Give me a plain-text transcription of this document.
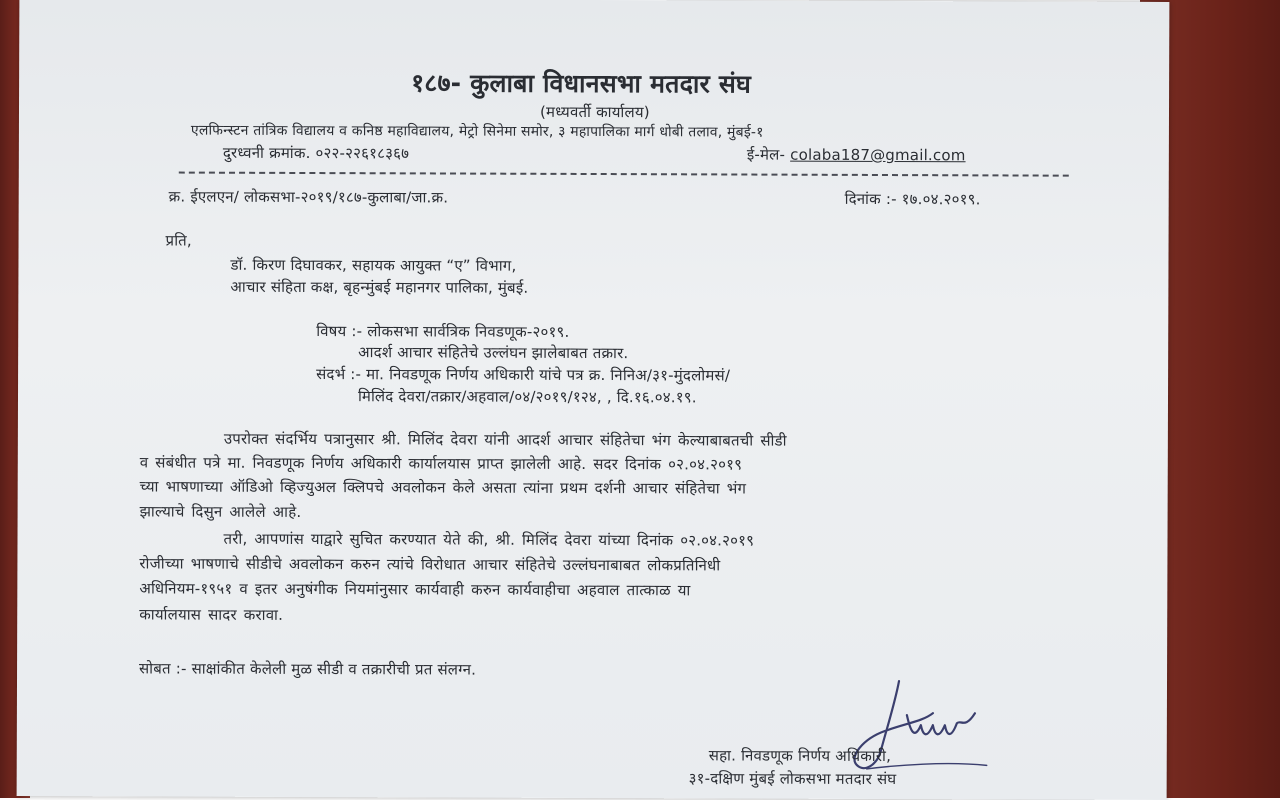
१८७- कुलाबा विधानसभा मतदार संघ
(मध्यवर्ती कार्यालय)
एलफिन्स्टन तांत्रिक विद्यालय व कनिष्ठ महाविद्यालय, मेट्रो सिनेमा समोर, ३ महापालिका मार्ग धोबी तलाव, मुंबई-१
दुरध्वनी क्रमांक. ०२२-२२६१८३६७	ई-मेल- colaba187@gmail.com
क्र. ईएलएन/ लोकसभा-२०१९/१८७-कुलाबा/जा.क्र.	दिनांक :- १७.०४.२०१९.
प्रति,
डॉ. किरण दिघावकर, सहायक आयुक्त “ए” विभाग,
आचार संहिता कक्ष, बृहन्मुंबई महानगर पालिका, मुंबई.
विषय :- लोकसभा सार्वत्रिक निवडणूक-२०१९.
आदर्श आचार संहितेचे उल्लंघन झालेबाबत तक्रार.
संदर्भ :- मा. निवडणूक निर्णय अधिकारी यांचे पत्र क्र. निनिअ/३१-मुंदलोमसं/
मिलिंद देवरा/तक्रार/अहवाल/०४/२०१९/१२४, , दि.१६.०४.१९.
उपरोक्त संदर्भिय पत्रानुसार श्री. मिलिंद देवरा यांनी आदर्श आचार संहितेचा भंग केल्याबाबतची सीडी
व संबंधीत पत्रे मा. निवडणूक निर्णय अधिकारी कार्यालयास प्राप्त झालेली आहे. सदर दिनांक ०२.०४.२०१९
च्या भाषणाच्या ऑडिओ व्हिज्युअल क्लिपचे अवलोकन केले असता त्यांना प्रथम दर्शनी आचार संहितेचा भंग
झाल्याचे दिसुन आलेले आहे.
तरी, आपणांस याद्वारे सुचित करण्यात येते की, श्री. मिलिंद देवरा यांच्या दिनांक ०२.०४.२०१९
रोजीच्या भाषणाचे सीडीचे अवलोकन करुन त्यांचे विरोधात आचार संहितेचे उल्लंघनाबाबत लोकप्रतिनिधी
अधिनियम-१९५१ व इतर अनुषंगीक नियमांनुसार कार्यवाही करुन कार्यवाहीचा अहवाल तात्काळ या
कार्यालयास सादर करावा.
सोबत :- साक्षांकीत केलेली मुळ सीडी व तक्रारीची प्रत संलग्न.
सहा. निवडणूक निर्णय अधिकारी,
३१-दक्षिण मुंबई लोकसभा मतदार संघ
